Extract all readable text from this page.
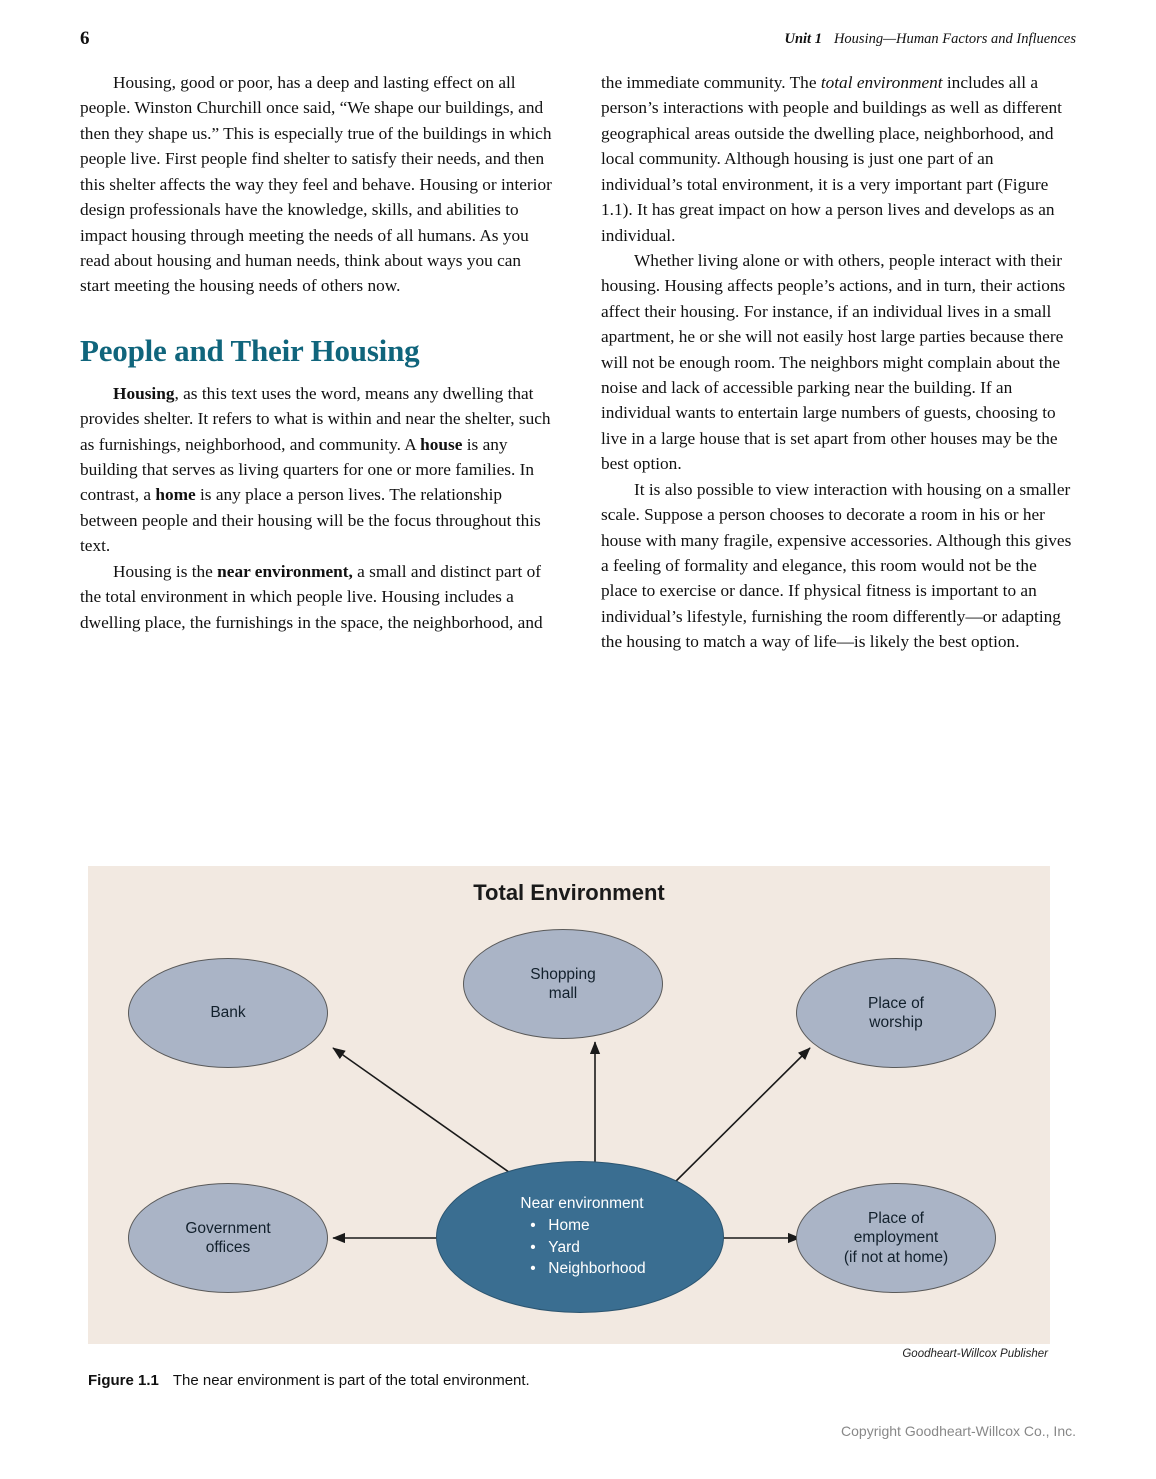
6	Unit 1 Housing—Human Factors and Influences

Housing, good or poor, has a deep and lasting effect on all people. Winston Churchill once said, “We shape our buildings, and then they shape us.” This is especially true of the buildings in which people live. First people find shelter to satisfy their needs, and then this shelter affects the way they feel and behave. Housing or interior design professionals have the knowledge, skills, and abilities to impact housing through meeting the needs of all humans. As you read about housing and human needs, think about ways you can start meeting the housing needs of others now.

People and Their Housing

Housing, as this text uses the word, means any dwelling that provides shelter. It refers to what is within and near the shelter, such as furnishings, neighborhood, and community. A house is any building that serves as living quarters for one or more families. In contrast, a home is any place a person lives. The relationship between people and their housing will be the focus throughout this text.

Housing is the near environment, a small and distinct part of the total environment in which people live. Housing includes a dwelling place, the furnishings in the space, the neighborhood, and

the immediate community. The total environment includes all a person’s interactions with people and buildings as well as different geographical areas outside the dwelling place, neighborhood, and local community. Although housing is just one part of an individual’s total environment, it is a very important part (Figure 1.1). It has great impact on how a person lives and develops as an individual.

Whether living alone or with others, people interact with their housing. Housing affects people’s actions, and in turn, their actions affect their housing. For instance, if an individual lives in a small apartment, he or she will not easily host large parties because there will not be enough room. The neighbors might complain about the noise and lack of accessible parking near the building. If an individual wants to entertain large numbers of guests, choosing to live in a large house that is set apart from other houses may be the best option.

It is also possible to view interaction with housing on a smaller scale. Suppose a person chooses to decorate a room in his or her house with many fragile, expensive accessories. Although this gives a feeling of formality and elegance, this room would not be the place to exercise or dance. If physical fitness is important to an individual’s lifestyle, furnishing the room differently—or adapting the housing to match a way of life—is likely the best option.

Total Environment
Bank
Shopping
mall
Place of
worship
Government
offices
Place of
employment
(if not at home)
Near environment
• Home
• Yard
• Neighborhood
Goodheart-Willcox Publisher
Figure 1.1 The near environment is part of the total environment.
Copyright Goodheart-Willcox Co., Inc.
